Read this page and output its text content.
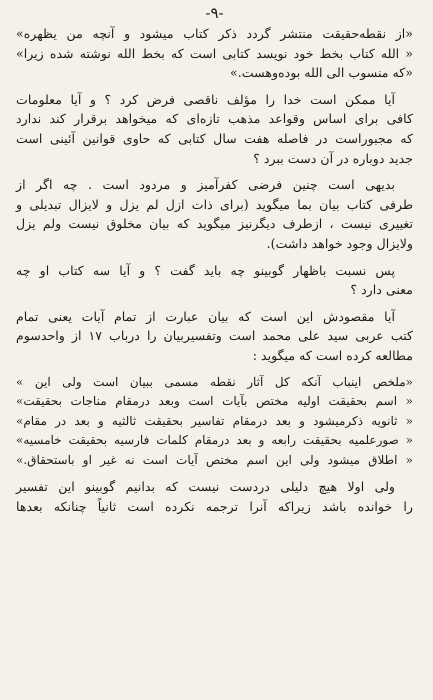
-۹-
«از نقطه‌حقیقت منتشر گردد ذکر کتاب میشود و آنچه من یظهره»
« الله کتاب بخط خود نویسد کتابی است که بخط الله نوشته شده زیرا»
«که منسوب الی الله بوده‌وهست.»
آیا ممکن است خدا را مؤلف ناقصی فرض کرد ؟ و آیا معلومات
کافی برای اساس وقواعد مذهب تازه‌ای که میخواهد برقرار کند ندارد
که مجبوراست در فاصله هفت سال کتابی که حاوی قوانین آئینی است
جدید دوباره در آن دست ببرد ؟
بدیهی است چنین فرضی کفرآمیز و مردود است . چه اگر از
طرفی کتاب بیان بما میگوید (برای ذات ازل لم یزل و لایزال تبدیلی و
تغییری نیست ، ازطرف دیگرنیز میگوید که بیان مخلوق نیست ولم یزل
ولایزال وجود خواهد داشت).
پس نسبت باظهار گوبینو چه باید گفت ؟ و آیا سه کتاب او چه
معنی دارد ؟
آیا مقصودش این است که بیان عبارت از تمام آیات یعنی تمام
کتب عربی سید علی محمد است وتفسیربیان را درباب ۱۷ از واحدسوم
مطالعه کرده است که میگوید :
«ملخص اینباب آنکه کل آثار نقطه مسمی ببیان است ولی این »
« اسم بحقیقت اولیه مختص بآیات است وبعد درمقام مناجات بحقیقت»
« ثانویه ذکرمیشود و بعد درمقام تفاسیر بحقیقت ثالثیه و بعد در مقام»
« صورعلمیه بحقیقت رابعه و بعد درمقام کلمات فارسیه بحقیقت خامسیه»
« اطلاق میشود ولی این اسم مختص آیات است نه غیر او باستحقاق.»
ولی اولا هیچ دلیلی دردست نیست که بدانیم گوبینو این تفسیر
را خوانده باشد زیراکه آنرا ترجمه نکرده است ثانیاً چنانکه بعدها
